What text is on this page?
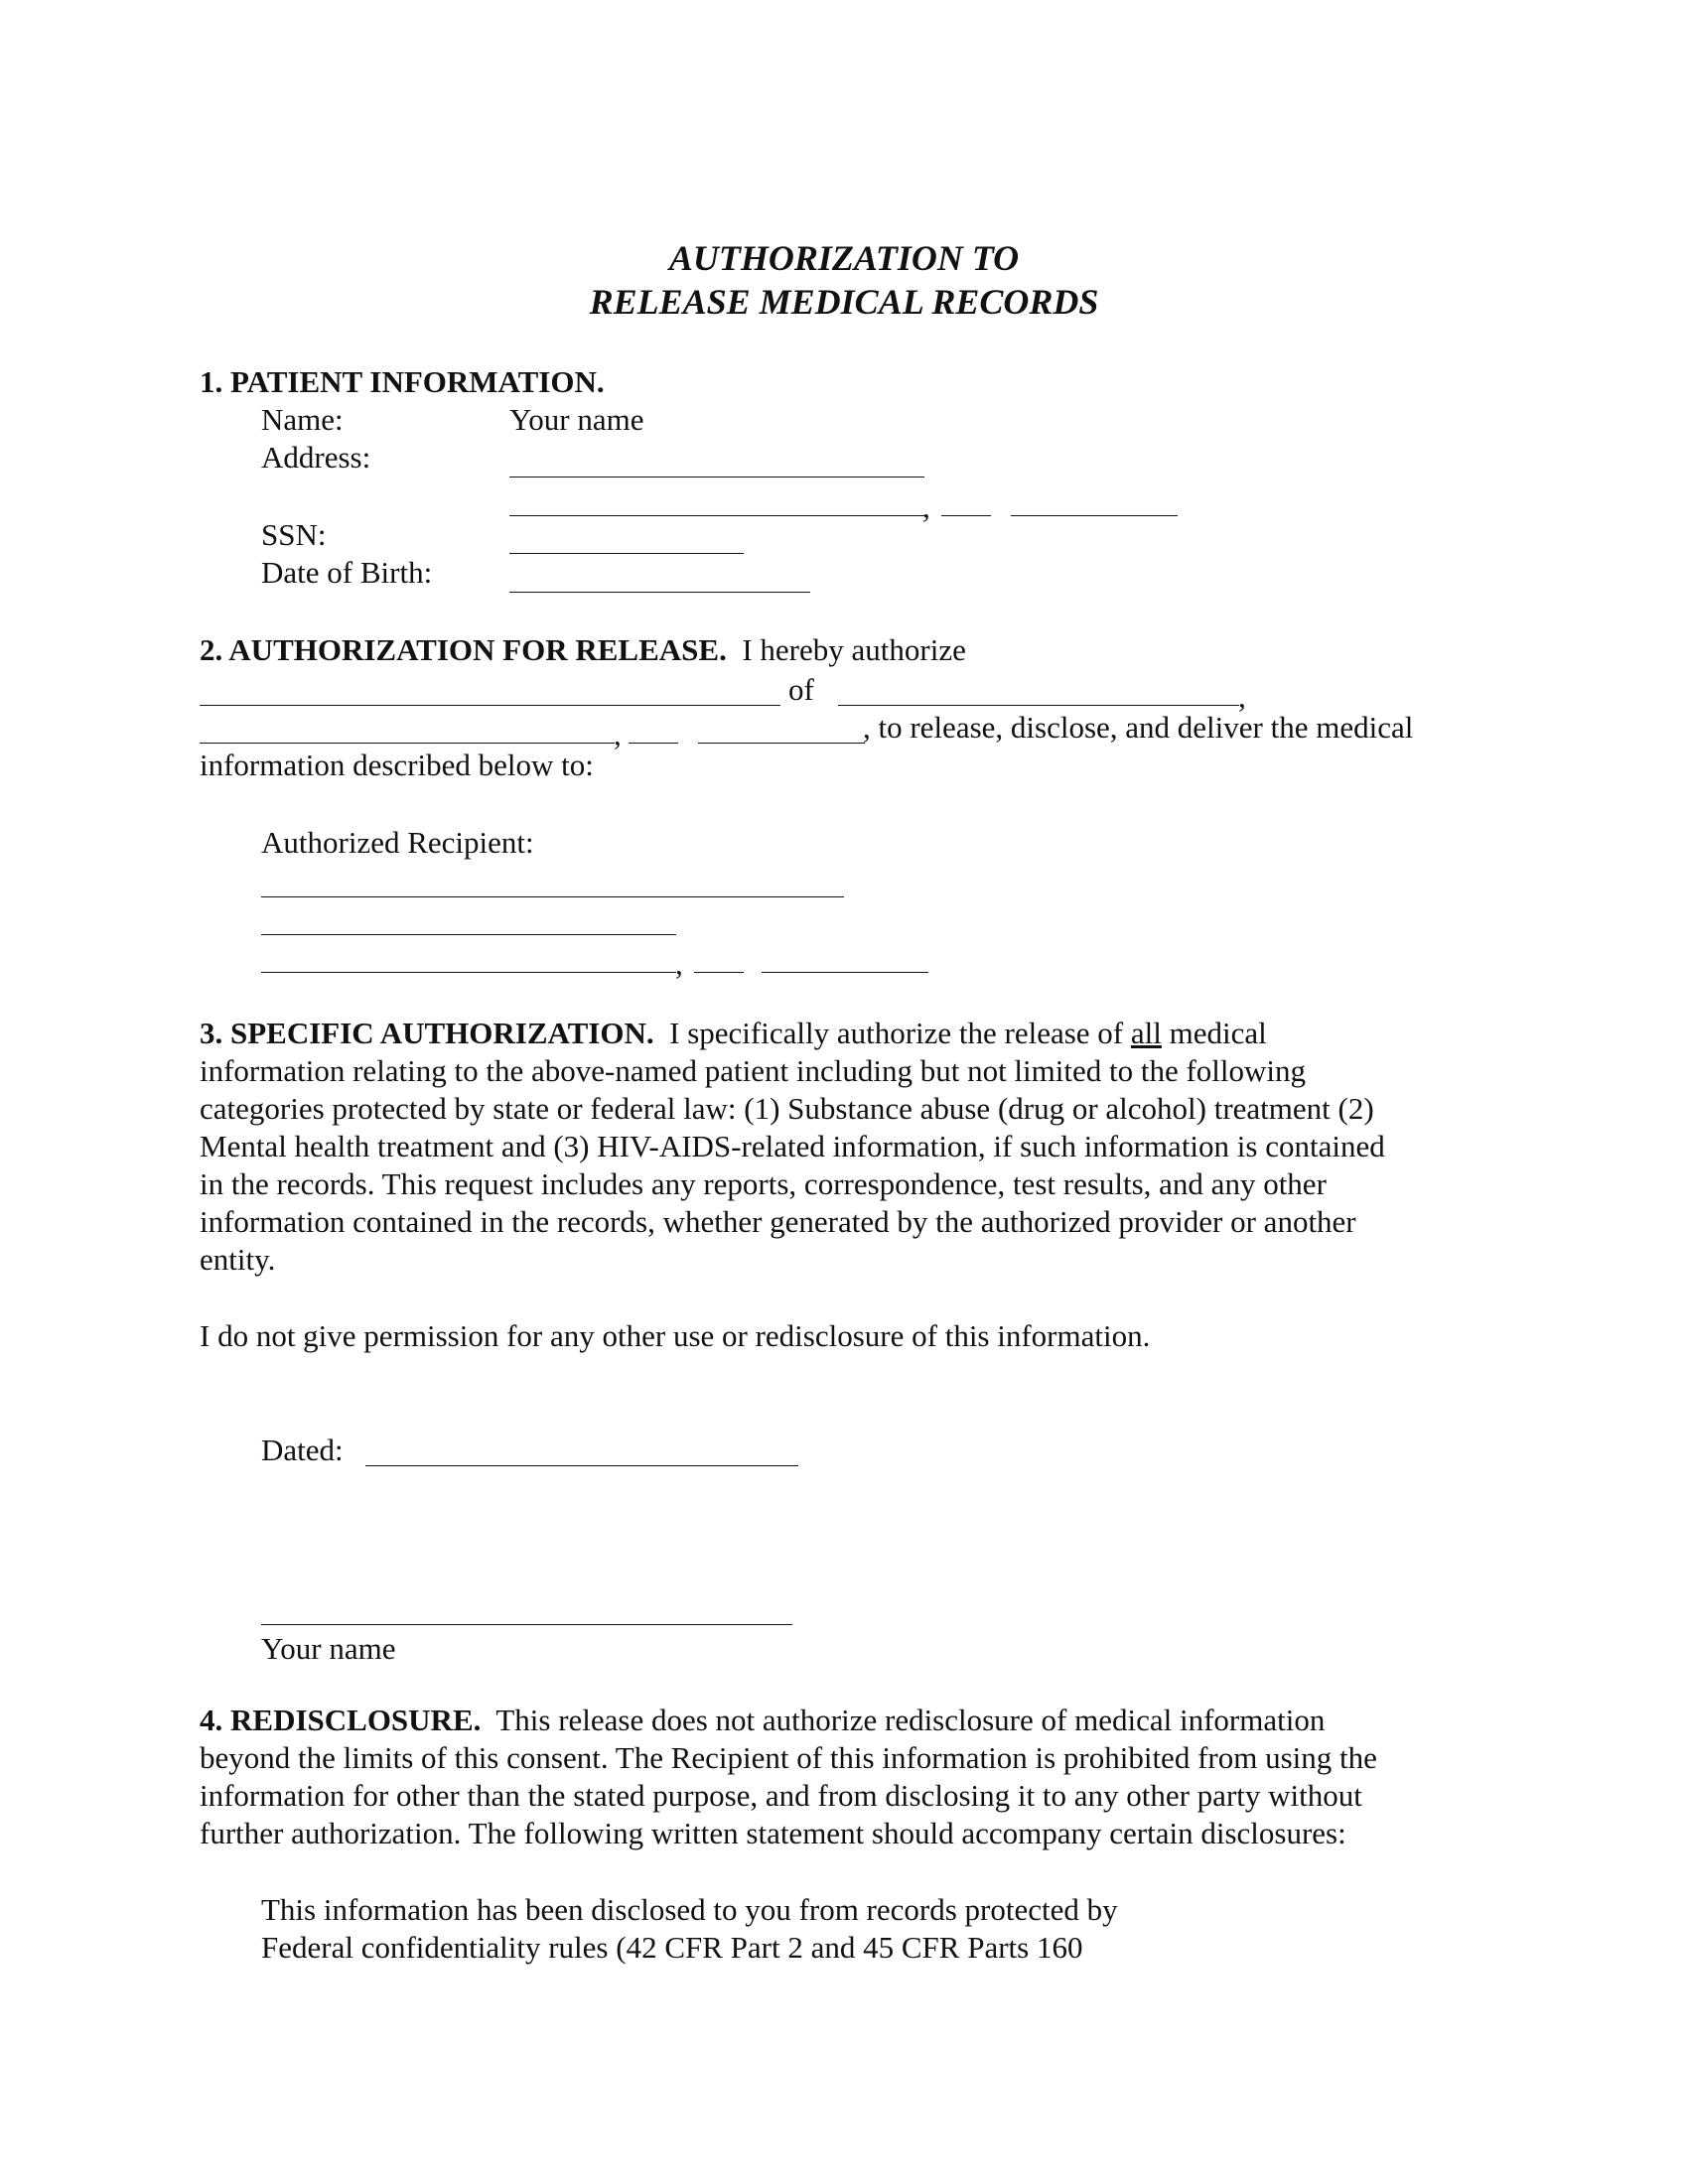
AUTHORIZATION TO
RELEASE MEDICAL RECORDS
1. PATIENT INFORMATION.
Name:	Your name
Address:
,
SSN:
Date of Birth:
2. AUTHORIZATION FOR RELEASE. I hereby authorize
of	,
,	, to release, disclose, and deliver the medical
information described below to:
Authorized Recipient:
,
3. SPECIFIC AUTHORIZATION. I specifically authorize the release of all medical
information relating to the above-named patient including but not limited to the following
categories protected by state or federal law: (1) Substance abuse (drug or alcohol) treatment (2)
Mental health treatment and (3) HIV-AIDS-related information, if such information is contained
in the records. This request includes any reports, correspondence, test results, and any other
information contained in the records, whether generated by the authorized provider or another
entity.
I do not give permission for any other use or redisclosure of this information.
Dated:
Your name
4. REDISCLOSURE. This release does not authorize redisclosure of medical information
beyond the limits of this consent. The Recipient of this information is prohibited from using the
information for other than the stated purpose, and from disclosing it to any other party without
further authorization. The following written statement should accompany certain disclosures:
This information has been disclosed to you from records protected by
Federal confidentiality rules (42 CFR Part 2 and 45 CFR Parts 160
